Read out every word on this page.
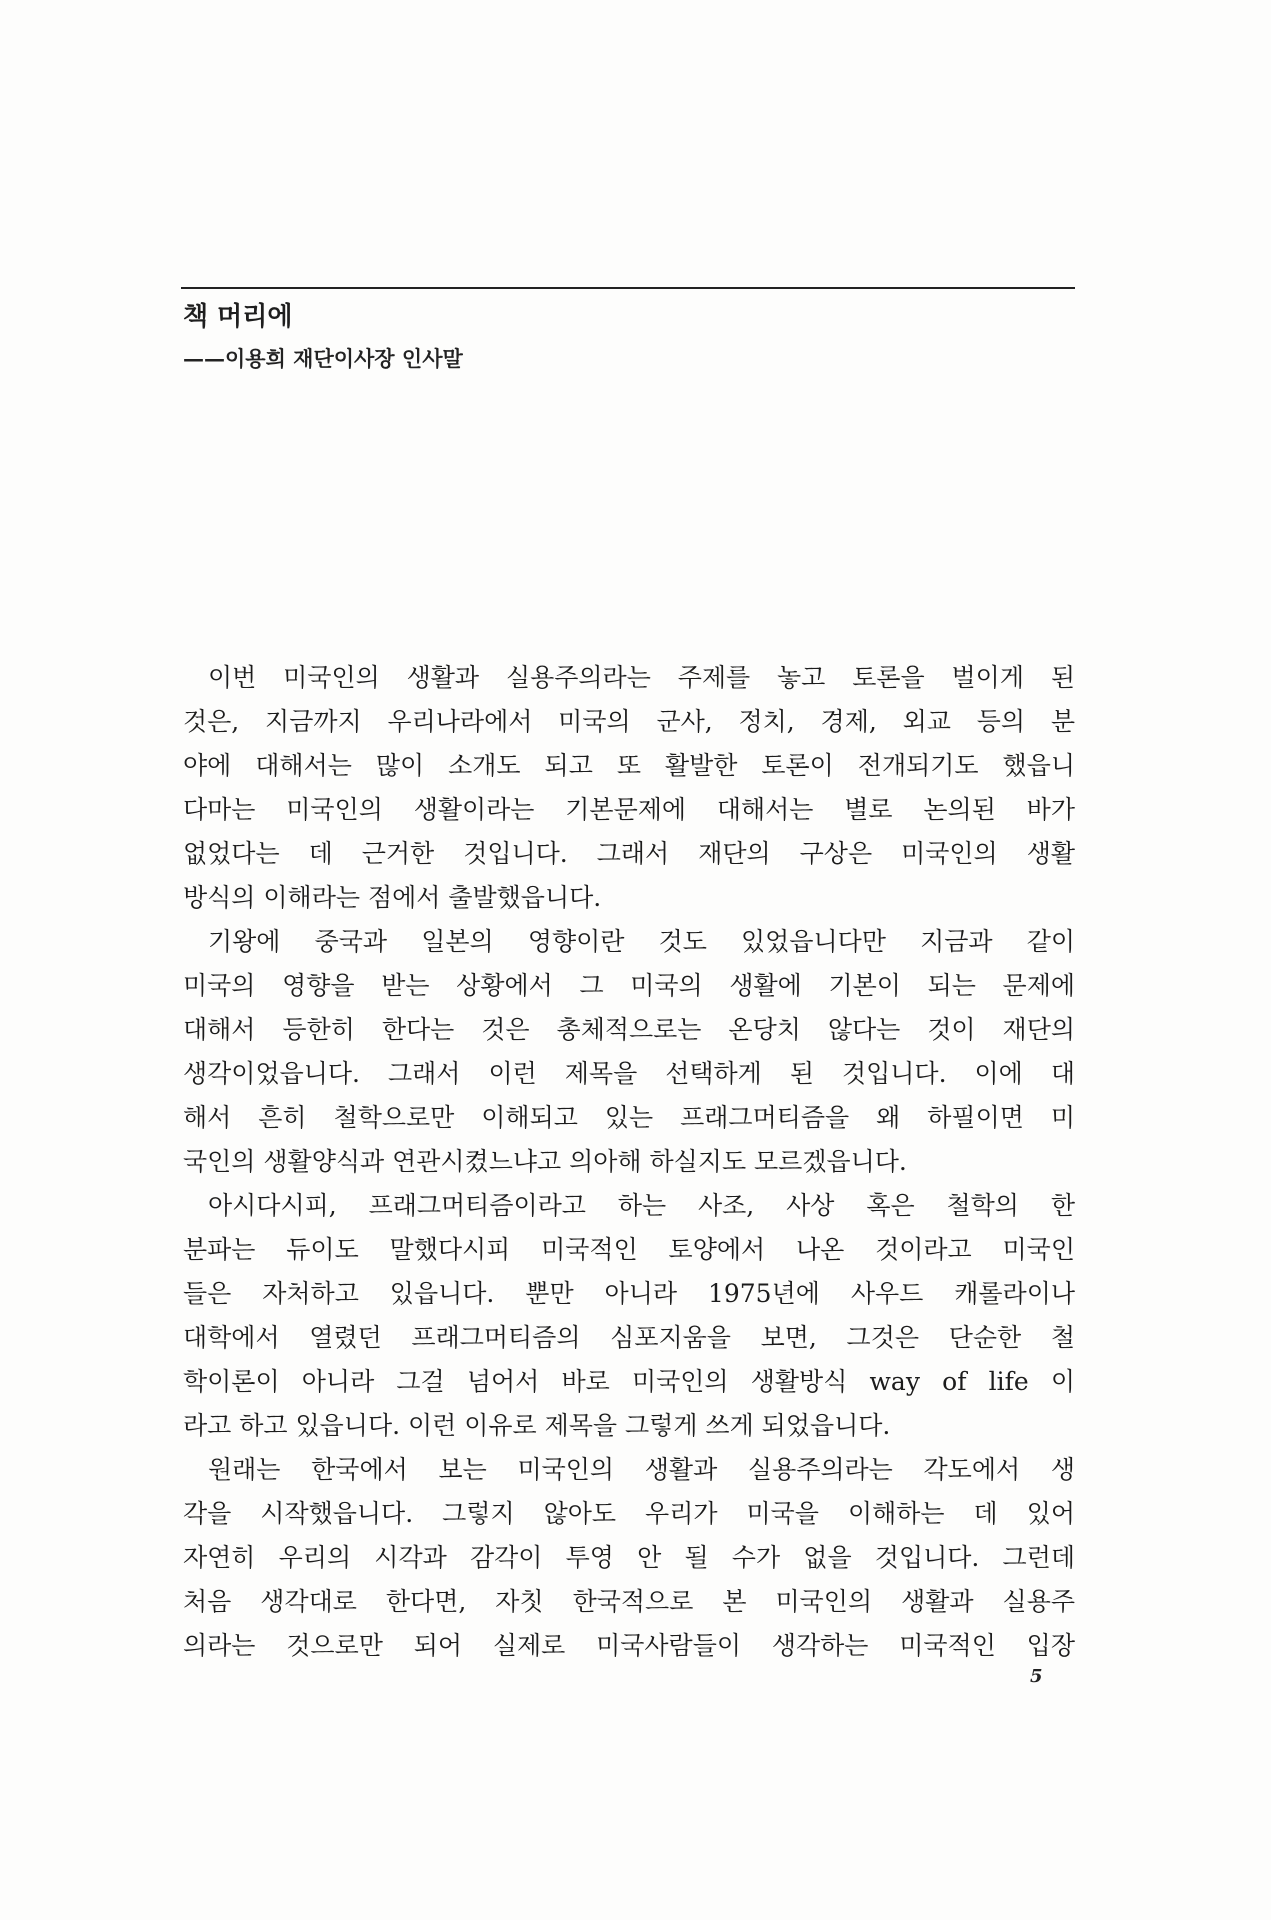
책 머리에
——이용희 재단이사장 인사말
이번 미국인의 생활과 실용주의라는 주제를 놓고 토론을 벌이게 된
것은, 지금까지 우리나라에서 미국의 군사, 정치, 경제, 외교 등의 분
야에 대해서는 많이 소개도 되고 또 활발한 토론이 전개되기도 했읍니
다마는 미국인의 생활이라는 기본문제에 대해서는 별로 논의된 바가
없었다는 데 근거한 것입니다. 그래서 재단의 구상은 미국인의 생활
방식의 이해라는 점에서 출발했읍니다.
기왕에 중국과 일본의 영향이란 것도 있었읍니다만 지금과 같이
미국의 영향을 받는 상황에서 그 미국의 생활에 기본이 되는 문제에
대해서 등한히 한다는 것은 총체적으로는 온당치 않다는 것이 재단의
생각이었읍니다. 그래서 이런 제목을 선택하게 된 것입니다. 이에 대
해서 흔히 철학으로만 이해되고 있는 프래그머티즘을 왜 하필이면 미
국인의 생활양식과 연관시켰느냐고 의아해 하실지도 모르겠읍니다.
아시다시피, 프래그머티즘이라고 하는 사조, 사상 혹은 철학의 한
분파는 듀이도 말했다시피 미국적인 토양에서 나온 것이라고 미국인
들은 자처하고 있읍니다. 뿐만 아니라 1975년에 사우드 캐롤라이나
대학에서 열렸던 프래그머티즘의 심포지움을 보면, 그것은 단순한 철
학이론이 아니라 그걸 넘어서 바로 미국인의 생활방식 way of life 이
라고 하고 있읍니다. 이런 이유로 제목을 그렇게 쓰게 되었읍니다.
원래는 한국에서 보는 미국인의 생활과 실용주의라는 각도에서 생
각을 시작했읍니다. 그렇지 않아도 우리가 미국을 이해하는 데 있어
자연히 우리의 시각과 감각이 투영 안 될 수가 없을 것입니다. 그런데
처음 생각대로 한다면, 자칫 한국적으로 본 미국인의 생활과 실용주
의라는 것으로만 되어 실제로 미국사람들이 생각하는 미국적인 입장
5
